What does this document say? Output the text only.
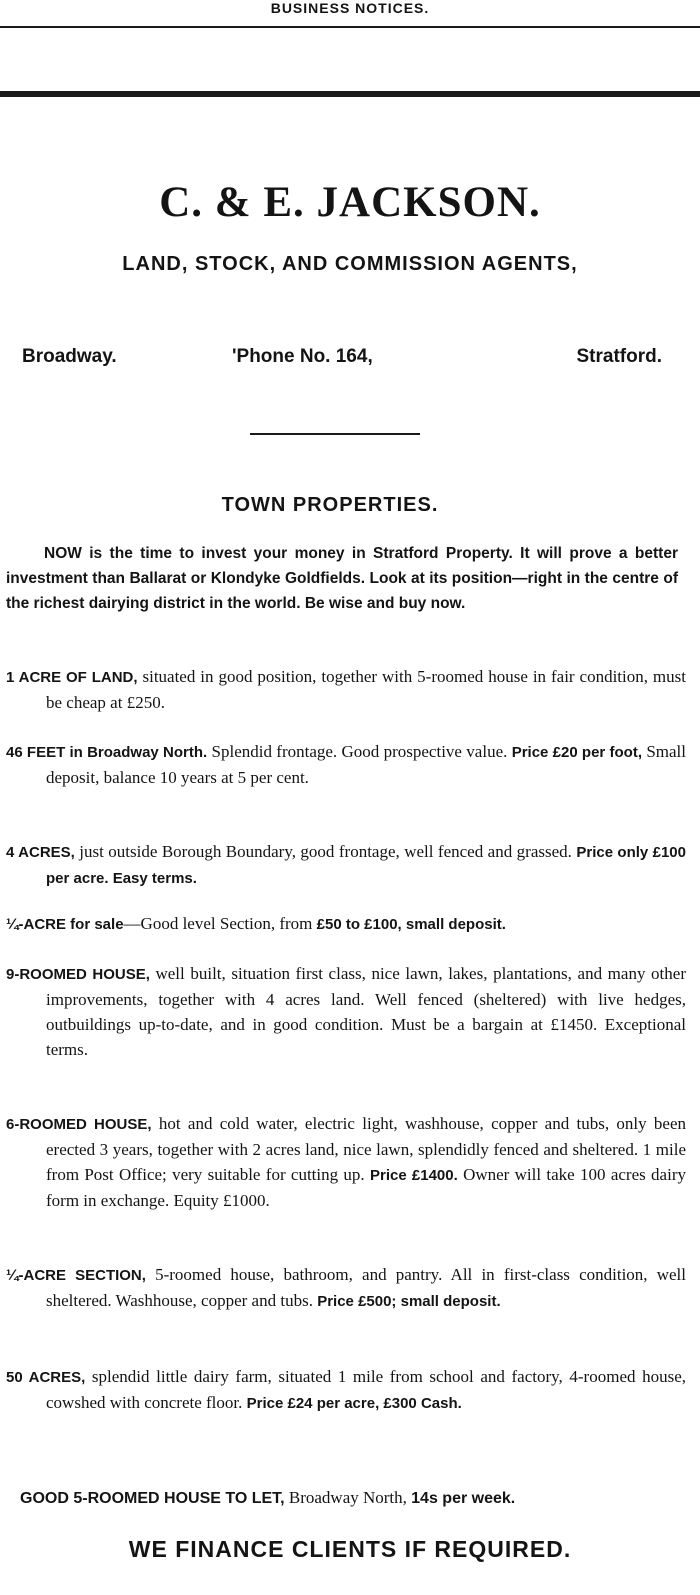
BUSINESS NOTICES.
C. & E. JACKSON.
LAND, STOCK, AND COMMISSION AGENTS,
Broadway.	'Phone No. 164,	Stratford.
TOWN PROPERTIES.
NOW is the time to invest your money in Stratford Property. It will prove a better investment than Ballarat or Klondyke Goldfields. Look at its position—right in the centre of the richest dairying district in the world. Be wise and buy now.
1 ACRE OF LAND, situated in good position, together with 5-roomed house in fair condition, must be cheap at £250.
46 FEET in Broadway North. Splendid frontage. Good prospective value. Price £20 per foot, Small deposit, balance 10 years at 5 per cent.
4 ACRES, just outside Borough Boundary, good frontage, well fenced and grassed. Price only £100 per acre. Easy terms.
¼-ACRE for sale—Good level Section, from £50 to £100, small deposit.
9-ROOMED HOUSE, well built, situation first class, nice lawn, lakes, plantations, and many other improvements, together with 4 acres land. Well fenced (sheltered) with live hedges, outbuildings up-to-date, and in good condition. Must be a bargain at £1450. Exceptional terms.
6-ROOMED HOUSE, hot and cold water, electric light, washhouse, copper and tubs, only been erected 3 years, together with 2 acres land, nice lawn, splendidly fenced and sheltered. 1 mile from Post Office; very suitable for cutting up. Price £1400. Owner will take 100 acres dairy form in exchange. Equity £1000.
¼-ACRE SECTION, 5-roomed house, bathroom, and pantry. All in first-class condition, well sheltered. Washhouse, copper and tubs. Price £500; small deposit.
50 ACRES, splendid little dairy farm, situated 1 mile from school and factory, 4-roomed house, cowshed with concrete floor. Price £24 per acre, £300 Cash.
GOOD 5-ROOMED HOUSE TO LET, Broadway North, 14s per week.
WE FINANCE CLIENTS IF REQUIRED.
